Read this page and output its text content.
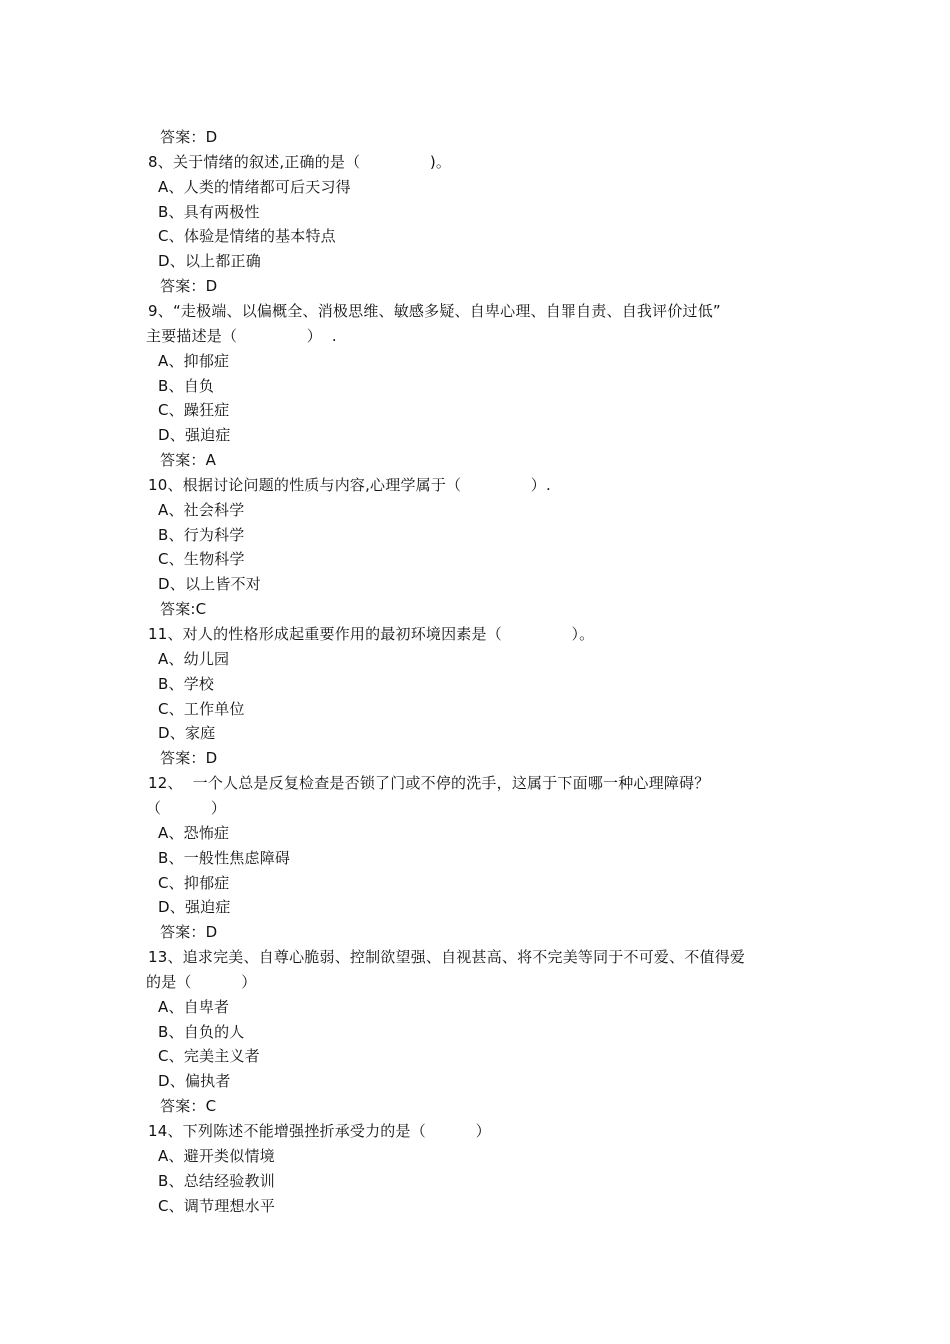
答案：D
8、关于情绪的叙述,正确的是（              )。
A、人类的情绪都可后天习得
B、具有两极性
C、体验是情绪的基本特点
D、以上都正确
答案：D
9、“走极端、以偏概全、消极思维、敏感多疑、自卑心理、自罪自责、自我评价过低”
主要描述是（              ）  .
A、抑郁症
B、自负
C、躁狂症
D、强迫症
答案：A
10、根据讨论问题的性质与内容,心理学属于（              ）.
A、社会科学
B、行为科学
C、生物科学
D、以上皆不对
答案:C
11、对人的性格形成起重要作用的最初环境因素是（              ）。
A、幼儿园
B、学校
C、工作单位
D、家庭
答案：D
12、  一个人总是反复检查是否锁了门或不停的洗手，这属于下面哪一种心理障碍？
（          ）
A、恐怖症
B、一般性焦虑障碍
C、抑郁症
D、强迫症
答案：D
13、追求完美、自尊心脆弱、控制欲望强、自视甚高、将不完美等同于不可爱、不值得爱
的是（          ）
A、自卑者
B、自负的人
C、完美主义者
D、偏执者
答案：C
14、下列陈述不能增强挫折承受力的是（          ）
A、避开类似情境
B、总结经验教训
C、调节理想水平
